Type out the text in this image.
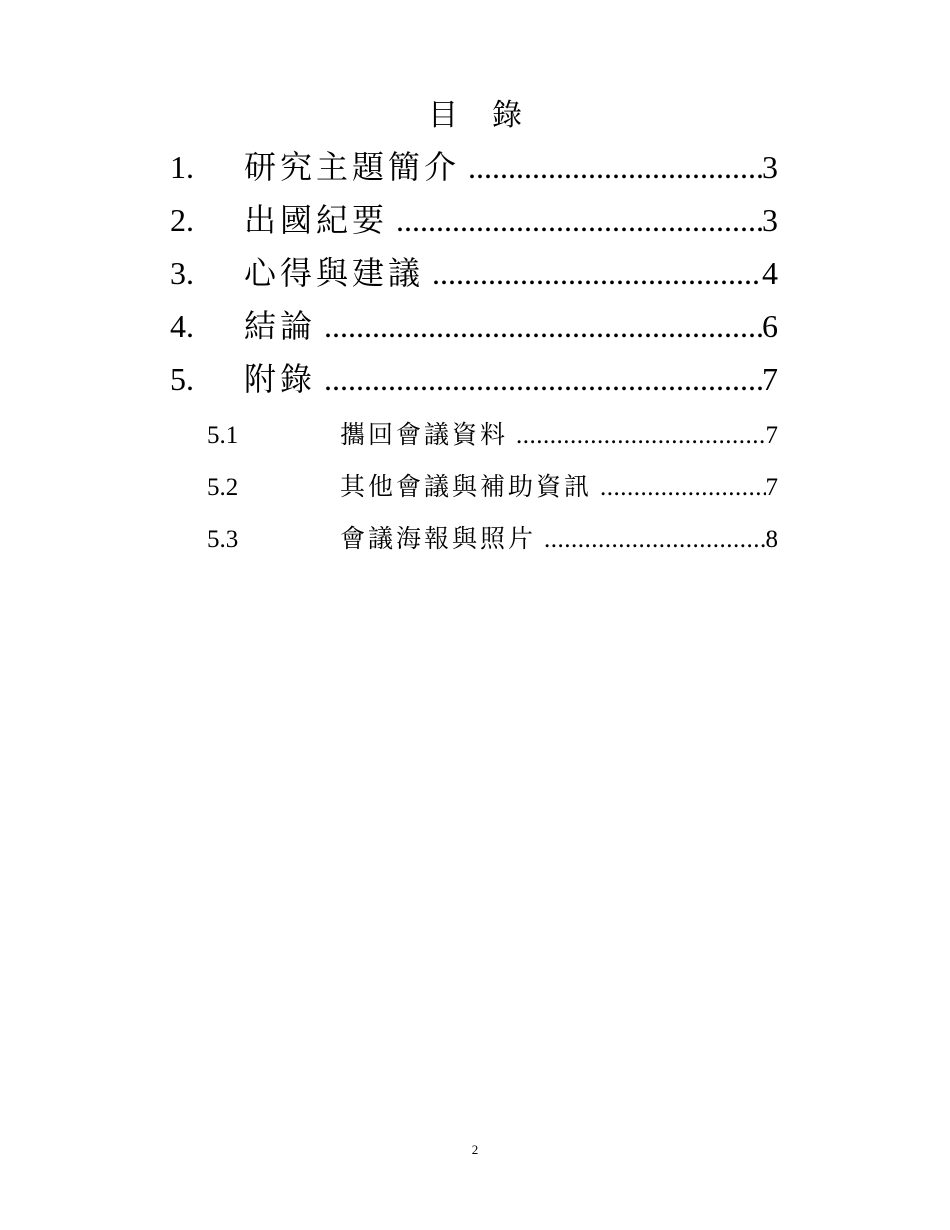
目錄
1.	研究主題簡介 .....	3
2.	出國紀要 .....	3
3.	心得與建議 .....	4
4.	結論 .....	6
5.	附錄 .....	7
5.1	攜回會議資料 .....	7
5.2	其他會議與補助資訊 .....	7
5.3	會議海報與照片 .....	8
2
